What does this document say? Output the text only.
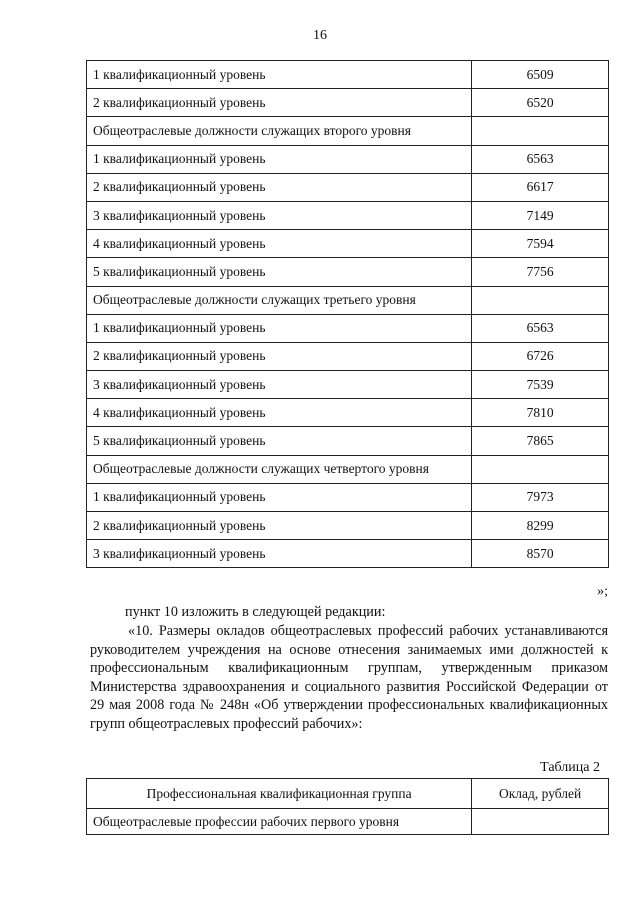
16
1 квалификационный уровень	6509
2 квалификационный уровень	6520
Общеотраслевые должности служащих второго уровня	
1 квалификационный уровень	6563
2 квалификационный уровень	6617
3 квалификационный уровень	7149
4 квалификационный уровень	7594
5 квалификационный уровень	7756
Общеотраслевые должности служащих третьего уровня	
1 квалификационный уровень	6563
2 квалификационный уровень	6726
3 квалификационный уровень	7539
4 квалификационный уровень	7810
5 квалификационный уровень	7865
Общеотраслевые должности служащих четвертого уровня	
1 квалификационный уровень	7973
2 квалификационный уровень	8299
3 квалификационный уровень	8570
»;
пункт 10 изложить в следующей редакции:
«10. Размеры окладов общеотраслевых профессий рабочих устанавливаются руководителем учреждения на основе отнесения занимаемых ими должностей к профессиональным квалификационным группам, утвержденным приказом Министерства здравоохранения и социального развития Российской Федерации от 29 мая 2008 года № 248н «Об утверждении профессиональных квалификационных групп общеотраслевых профессий рабочих»:
Таблица 2
Профессиональная квалификационная группа	Оклад, рублей
Общеотраслевые профессии рабочих первого уровня	
